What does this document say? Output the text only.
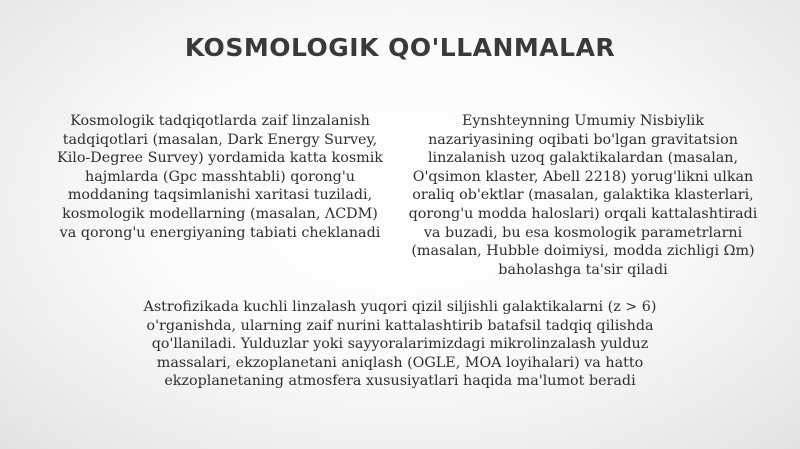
KOSMOLOGIK QO'LLANMALAR
Kosmologik tadqiqotlarda zaif linzalanish tadqiqotlari (masalan, Dark Energy Survey, Kilo-Degree Survey) yordamida katta kosmik hajmlarda (Gpc masshtabli) qorong'u moddaning taqsimlanishi xaritasi tuziladi, kosmologik modellarning (masalan, ΛCDM) va qorong'u energiyaning tabiati cheklanadi
Eynshteynning Umumiy Nisbiylik nazariyasining oqibati bo'lgan gravitatsion linzalanish uzoq galaktikalardan (masalan, O'qsimon klaster, Abell 2218) yorug'likni ulkan oraliq ob'ektlar (masalan, galaktika klasterlari, qorong'u modda haloslari) orqali kattalashtiradi va buzadi, bu esa kosmologik parametrlarni (masalan, Hubble doimiysi, modda zichligi Ωm) baholashga ta'sir qiladi
Astrofizikada kuchli linzalash yuqori qizil siljishli galaktikalarni (z > 6) o'rganishda, ularning zaif nurini kattalashtirib batafsil tadqiq qilishda qo'llaniladi. Yulduzlar yoki sayyoralarimizdagi mikrolinzalash yulduz massalari, ekzoplanetani aniqlash (OGLE, MOA loyihalari) va hatto ekzoplanetaning atmosfera xususiyatlari haqida ma'lumot beradi
